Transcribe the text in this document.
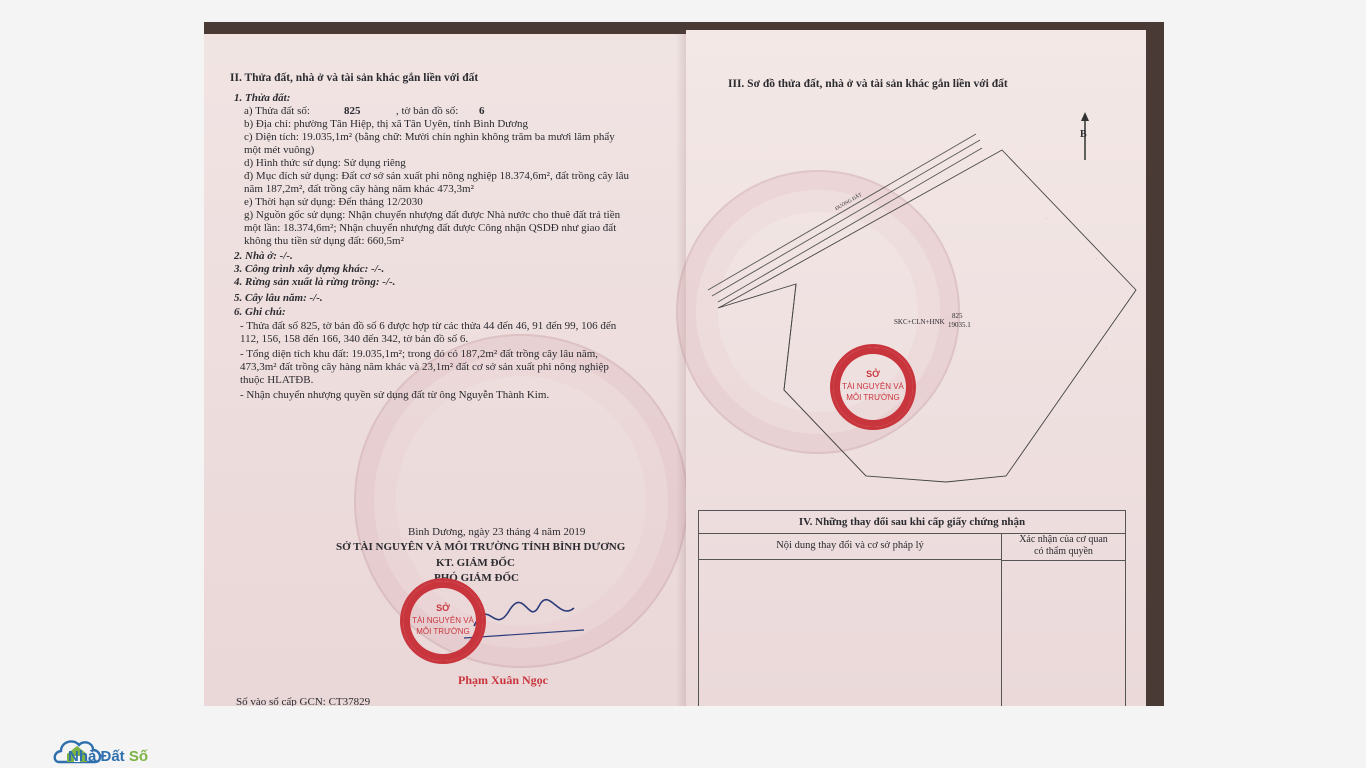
II. Thửa đất, nhà ở và tài sản khác gắn liền với đất
1. Thửa đất:
a) Thửa đất số:	825	, tờ bản đồ số: 6
b) Địa chỉ: phường Tân Hiệp, thị xã Tân Uyên, tỉnh Bình Dương
c) Diện tích: 19.035,1m² (bằng chữ: Mười chín nghìn không trăm ba mươi lăm phẩy
một mét vuông)
d) Hình thức sử dụng: Sử dụng riêng
đ) Mục đích sử dụng: Đất cơ sở sản xuất phi nông nghiệp 18.374,6m², đất trồng cây lâu
năm 187,2m², đất trồng cây hàng năm khác 473,3m²
e) Thời hạn sử dụng: Đến tháng 12/2030
g) Nguồn gốc sử dụng: Nhận chuyển nhượng đất được Nhà nước cho thuê đất trả tiền
một lần: 18.374,6m²; Nhận chuyển nhượng đất được Công nhận QSDĐ như giao đất
không thu tiền sử dụng đất: 660,5m²
2. Nhà ở: -/-.
3. Công trình xây dựng khác: -/-.
4. Rừng sản xuất là rừng trồng: -/-.
5. Cây lâu năm: -/-.
6. Ghi chú:
- Thửa đất số 825, tờ bản đồ số 6 được hợp từ các thửa 44 đến 46, 91 đến 99, 106 đến
112, 156, 158 đến 166, 340 đến 342, tờ bản đồ số 6.
- Tổng diện tích khu đất: 19.035,1m²; trong đó có 187,2m² đất trồng cây lâu năm,
473,3m² đất trồng cây hàng năm khác và 23,1m² đất cơ sở sản xuất phi nông nghiệp
thuộc HLATĐB.
- Nhận chuyển nhượng quyền sử dụng đất từ ông Nguyễn Thành Kim.
Bình Dương, ngày 23 tháng 4 năm 2019
SỞ TÀI NGUYÊN VÀ MÔI TRƯỜNG TỈNH BÌNH DƯƠNG
KT. GIÁM ĐỐC
PHÓ GIÁM ĐỐC
SỞ
TÀI NGUYÊN VÀ
MÔI TRƯỜNG
Phạm Xuân Ngọc
Số vào sổ cấp GCN: CT37829
III. Sơ đồ thửa đất, nhà ở và tài sản khác gắn liền với đất
B
·
·
·
·
·
·
SKC+CLN+HNK
825
19035.1
ĐƯỜNG ĐẤT
SỞ
TÀI NGUYÊN VÀ
MÔI TRƯỜNG
IV. Những thay đổi sau khi cấp giấy chứng nhận
Nội dung thay đổi và cơ sở pháp lý
Xác nhận của cơ quan
có thẩm quyền
Nhà Đất Số
